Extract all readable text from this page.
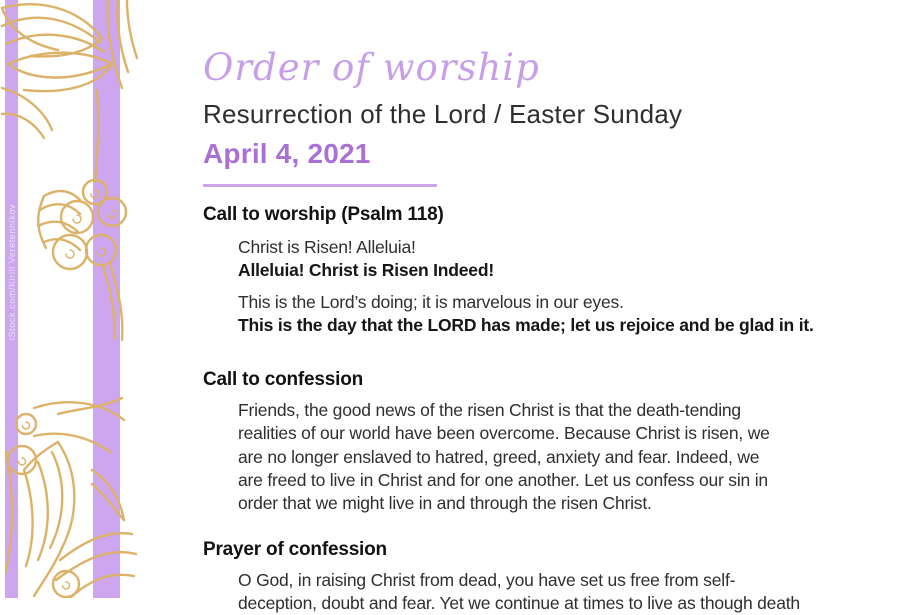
iStock.com/Kirill Veretennikov
Order of worship
Resurrection of the Lord / Easter Sunday
April 4, 2021
Call to worship (Psalm 118)
Christ is Risen! Alleluia!
Alleluia! Christ is Risen Indeed!
This is the Lord’s doing; it is marvelous in our eyes.
This is the day that the LORD has made; let us rejoice and be glad in it.
Call to confession
Friends, the good news of the risen Christ is that the death-tending
realities of our world have been overcome. Because Christ is risen, we
are no longer enslaved to hatred, greed, anxiety and fear. Indeed, we
are freed to live in Christ and for one another. Let us confess our sin in
order that we might live in and through the risen Christ.
Prayer of confession
O God, in raising Christ from dead, you have set us free from self-
deception, doubt and fear. Yet we continue at times to live as though death
